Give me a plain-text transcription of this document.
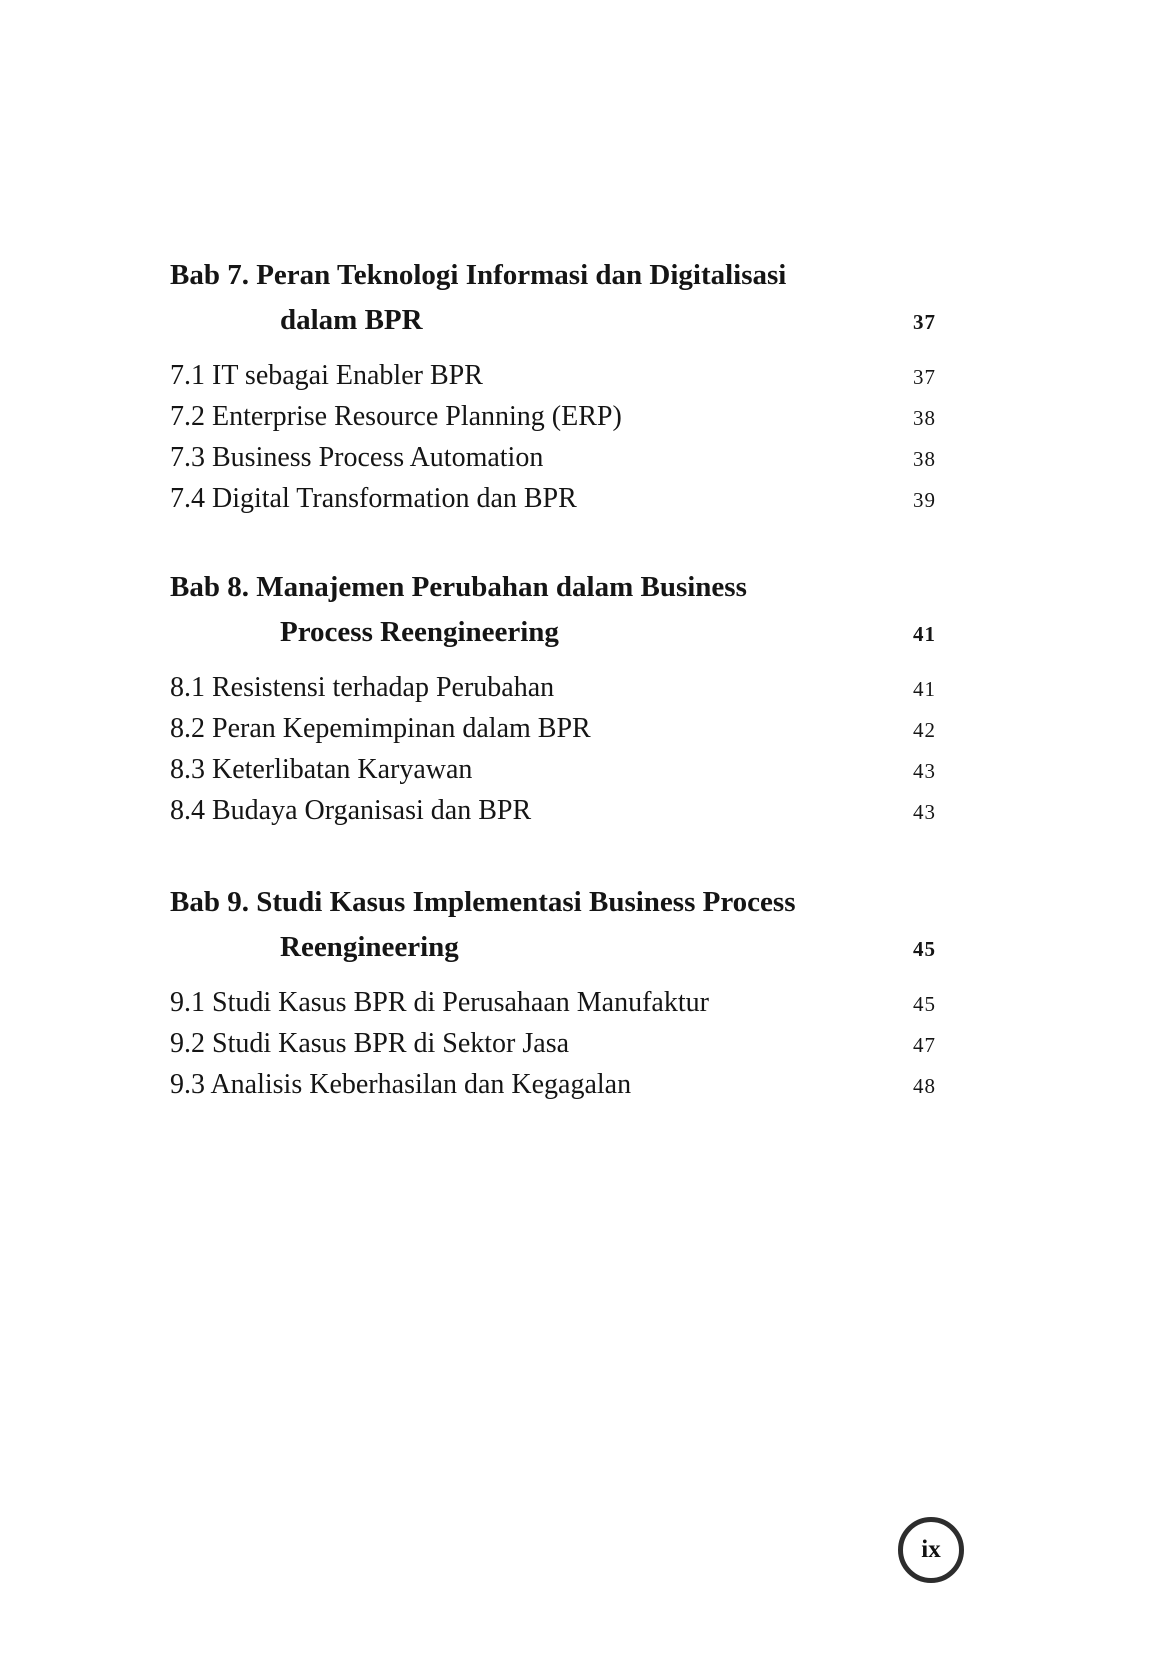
Bab 7. Peran Teknologi Informasi dan Digitalisasi
dalam BPR	37
7.1 IT sebagai Enabler BPR	37
7.2 Enterprise Resource Planning (ERP)	38
7.3 Business Process Automation	38
7.4 Digital Transformation dan BPR	39
Bab 8. Manajemen Perubahan dalam Business
Process Reengineering	41
8.1 Resistensi terhadap Perubahan	41
8.2 Peran Kepemimpinan dalam BPR	42
8.3 Keterlibatan Karyawan	43
8.4 Budaya Organisasi dan BPR	43
Bab 9. Studi Kasus Implementasi Business Process
Reengineering	45
9.1 Studi Kasus BPR di Perusahaan Manufaktur	45
9.2 Studi Kasus BPR di Sektor Jasa	47
9.3 Analisis Keberhasilan dan Kegagalan	48
ix
